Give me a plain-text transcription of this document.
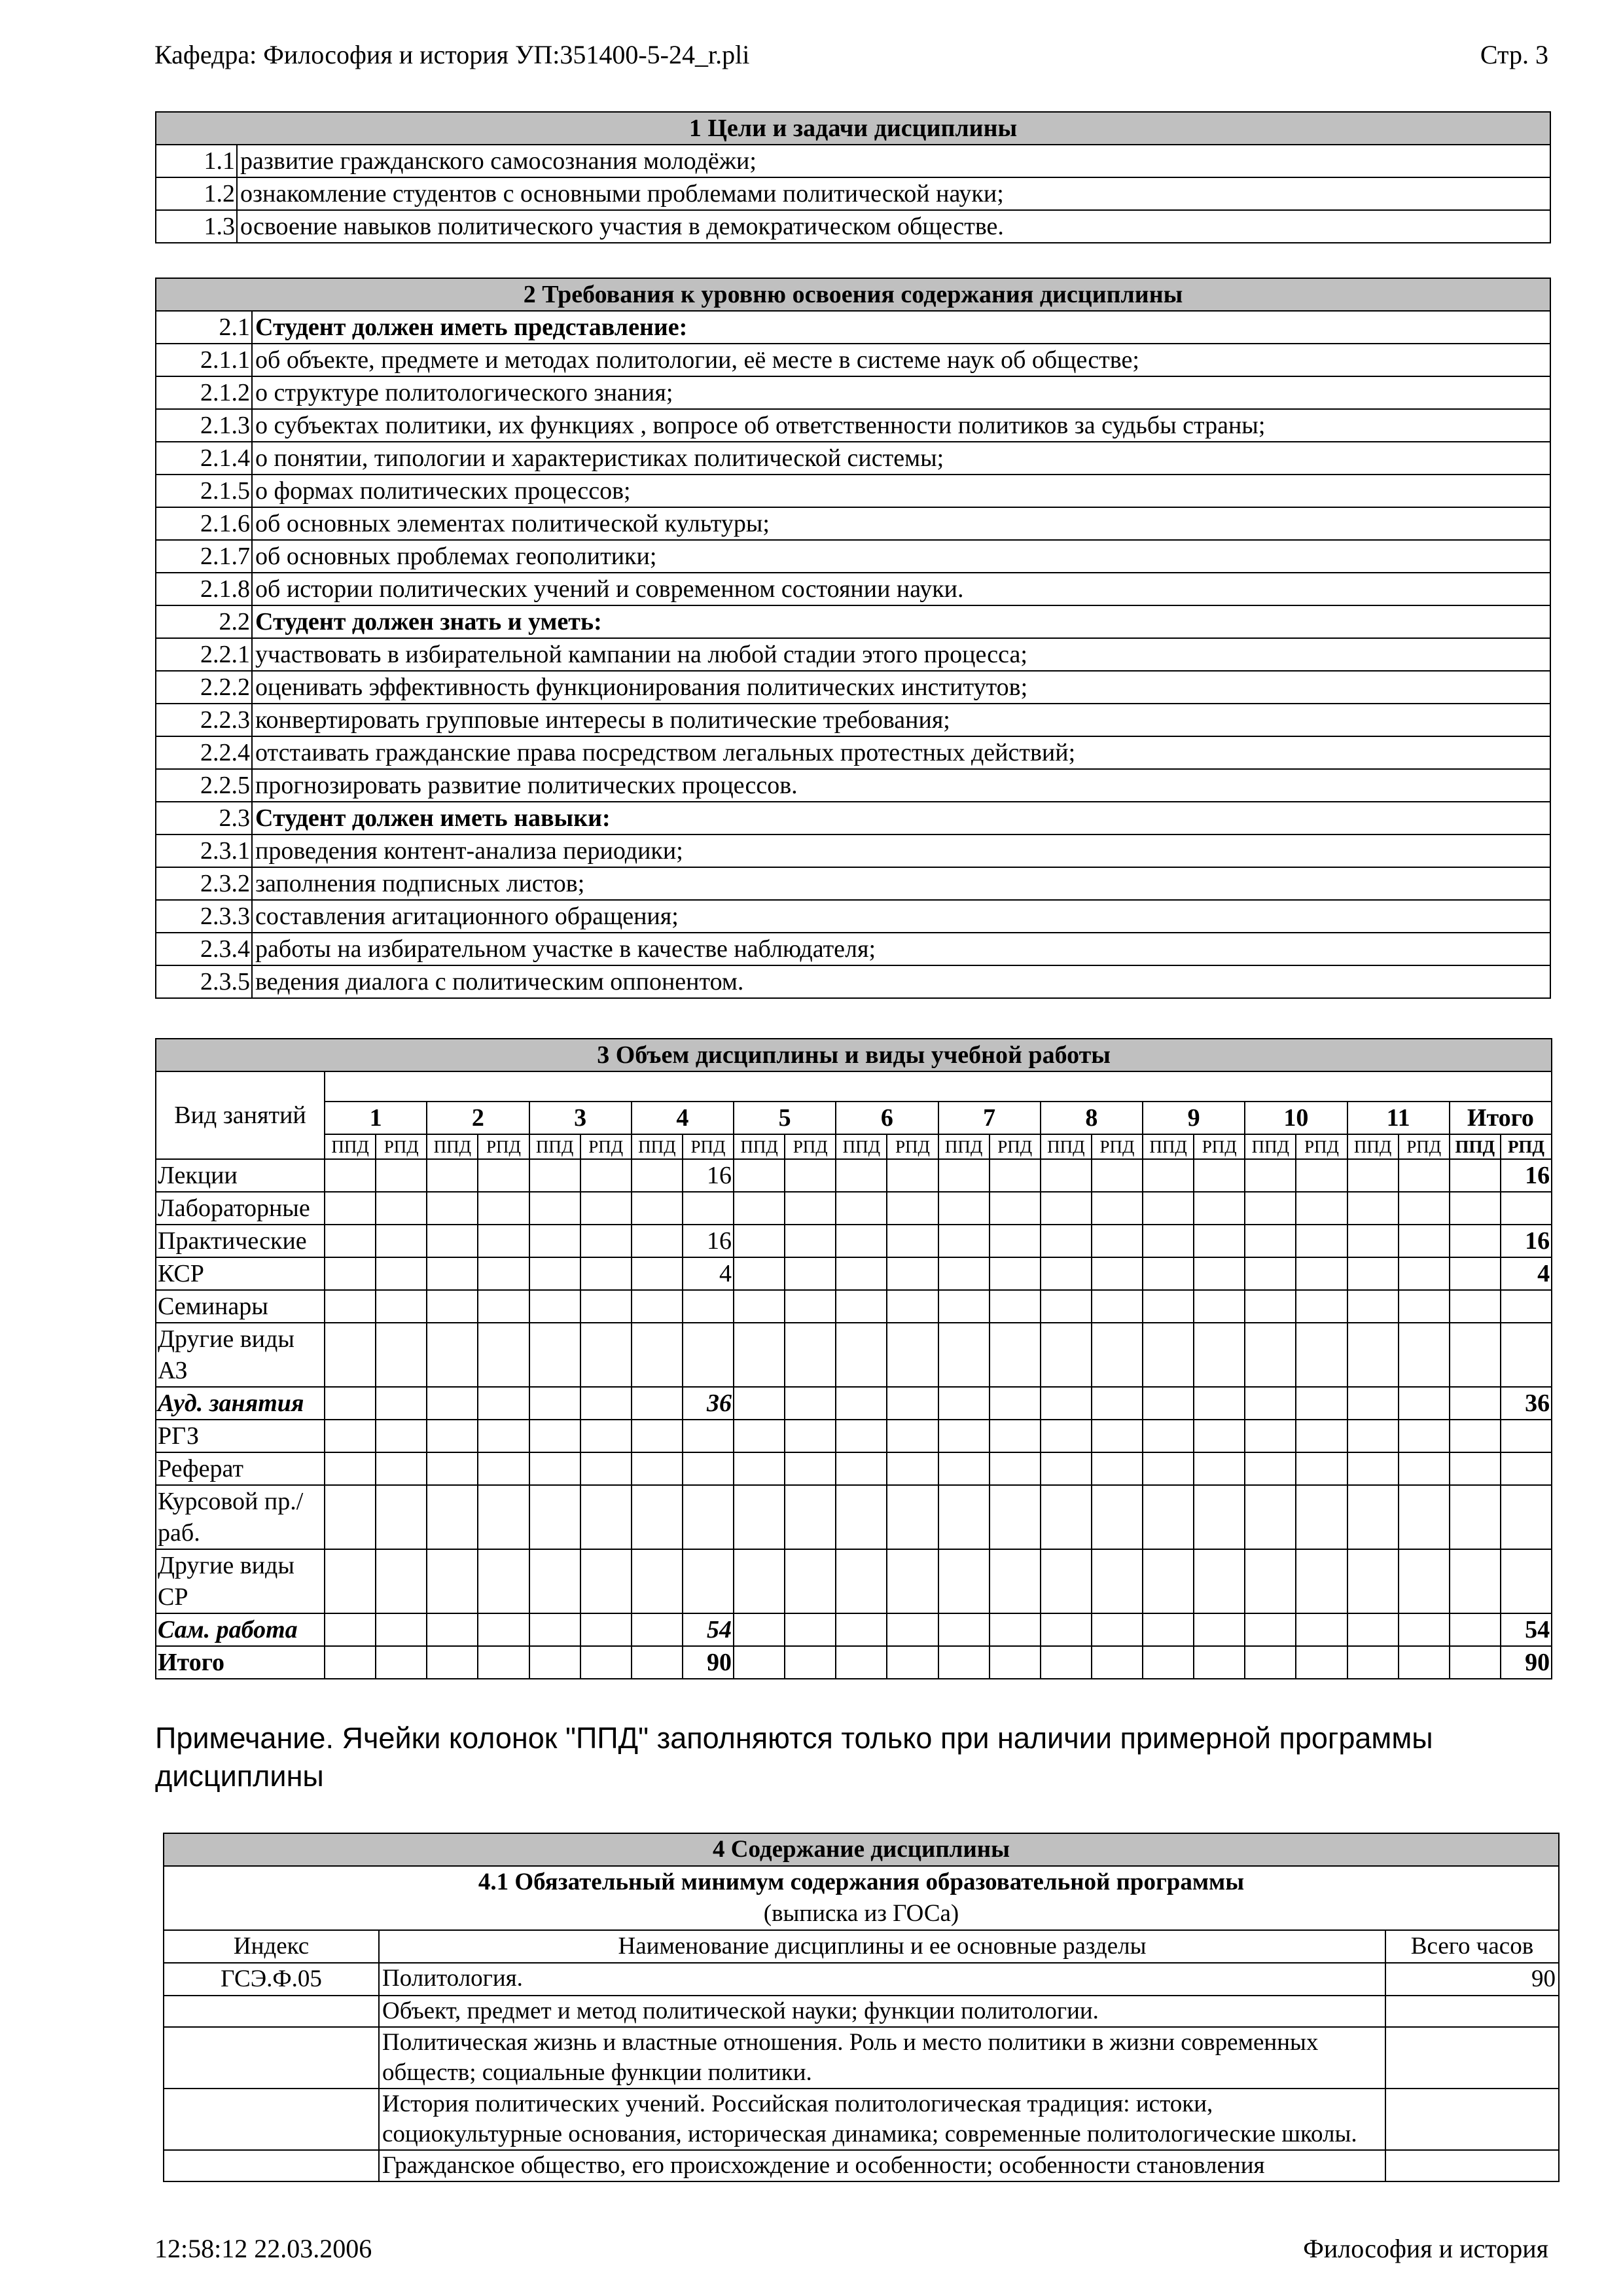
Кафедра: Философия и история УП:351400-5-24_r.pli	Стр. 3
1 Цели и задачи дисциплины	
1.1	развитие гражданского самосознания молодёжи;
1.2	ознакомление студентов с основными проблемами политической науки;
1.3	освоение навыков политического участия в демократическом обществе.
2 Требования к уровню освоения содержания дисциплины	
2.1	Студент должен иметь представление:
2.1.1	об объекте, предмете и методах политологии, её месте в системе наук об обществе;
2.1.2	о структуре политологического знания;
2.1.3	о субъектах политики, их функциях , вопросе об ответственности политиков за судьбы страны;
2.1.4	о понятии, типологии и характеристиках политической системы;
2.1.5	о формах политических процессов;
2.1.6	об основных элементах политической культуры;
2.1.7	об основных проблемах геополитики;
2.1.8	об истории политических учений и современном состоянии науки.
2.2	Студент должен знать и уметь:
2.2.1	участвовать в избирательной кампании на любой стадии этого процесса;
2.2.2	оценивать эффективность функционирования политических институтов;
2.2.3	конвертировать групповые интересы в политические требования;
2.2.4	отстаивать гражданские права посредством легальных протестных действий;
2.2.5	прогнозировать развитие политических процессов.
2.3	Студент должен иметь навыки:
2.3.1	проведения контент-анализа периодики;
2.3.2	заполнения подписных листов;
2.3.3	составления агитационного обращения;
2.3.4	работы на избирательном участке в качестве наблюдателя;
2.3.5	ведения диалога с политическим оппонентом.
3 Объем дисциплины и виды учебной работы																								
Вид занятий																								
	1		2		3		4		5		6		7		8		9		10		11		Итого	
	ППД	РПД	ППД	РПД	ППД	РПД	ППД	РПД	ППД	РПД	ППД	РПД	ППД	РПД	ППД	РПД	ППД	РПД	ППД	РПД	ППД	РПД	ППД	РПД
Лекции								16																16
Лабораторные																								
Практические								16																16
КСР								4																4
Семинары																								
Другие виды АЗ																								
Ауд. занятия								36																36
РГЗ																								
Реферат																								
Курсовой пр./раб.																								
Другие виды СР																								
Сам. работа								54																54
Итого								90																90
Примечание. Ячейки колонок "ППД" заполняются только при наличии примерной программы дисциплины
4 Содержание дисциплины		
4.1 Обязательный минимум содержания образовательной программы		
(выписка из ГОСа)		
Индекс	Наименование дисциплины и ее основные разделы	Всего часов
ГСЭ.Ф.05	Политология.	90
	Объект, предмет и метод политической науки; функции политологии.	
	Политическая жизнь и властные отношения. Роль и место политики в жизни современных обществ; социальные функции политики.	
	История политических учений. Российская политологическая традиция: истоки, социокультурные основания, историческая динамика; современные политологические школы.	
	Гражданское общество, его происхождение и особенности; особенности становления	
12:58:12 22.03.2006	Философия и история
